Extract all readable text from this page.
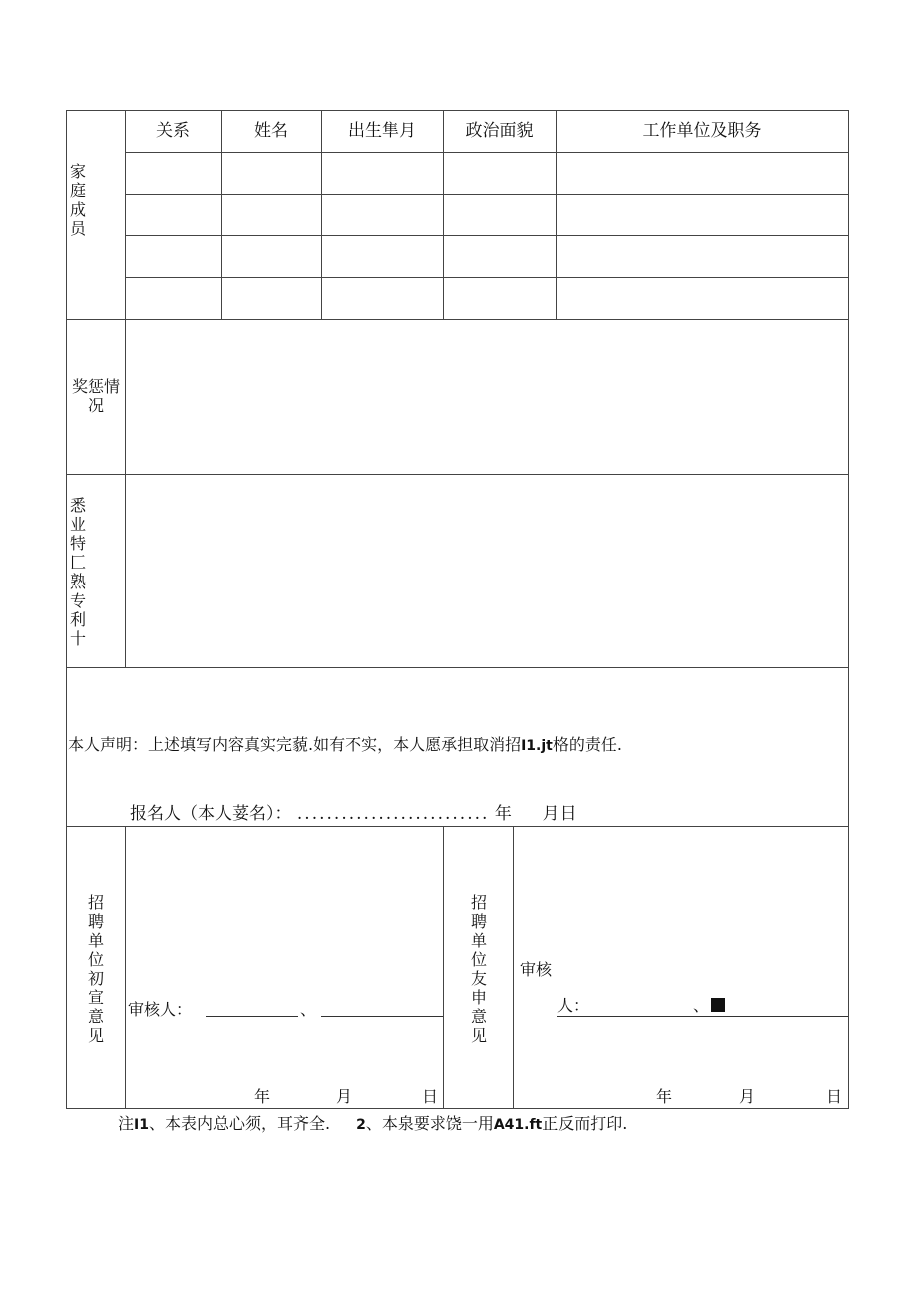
家庭成员
关系	姓名	出生隼月	政治面貌	工作单位及职务
奖惩情况
悉业特匚熟专利十
本人声明：上述填写内容真实完藐.如有不实，本人愿承担取消招I1.jt格的责任.
报名人（本人荽名）： .......................... 年 月日
招聘单位初宣意见
审核人：	、
年	月	日
招聘单位友申意见
审核
人：	、
年	月	日
注I1、本表内总心须，耳齐全. 2、本泉要求饶一用A41.ft正反而打印.
